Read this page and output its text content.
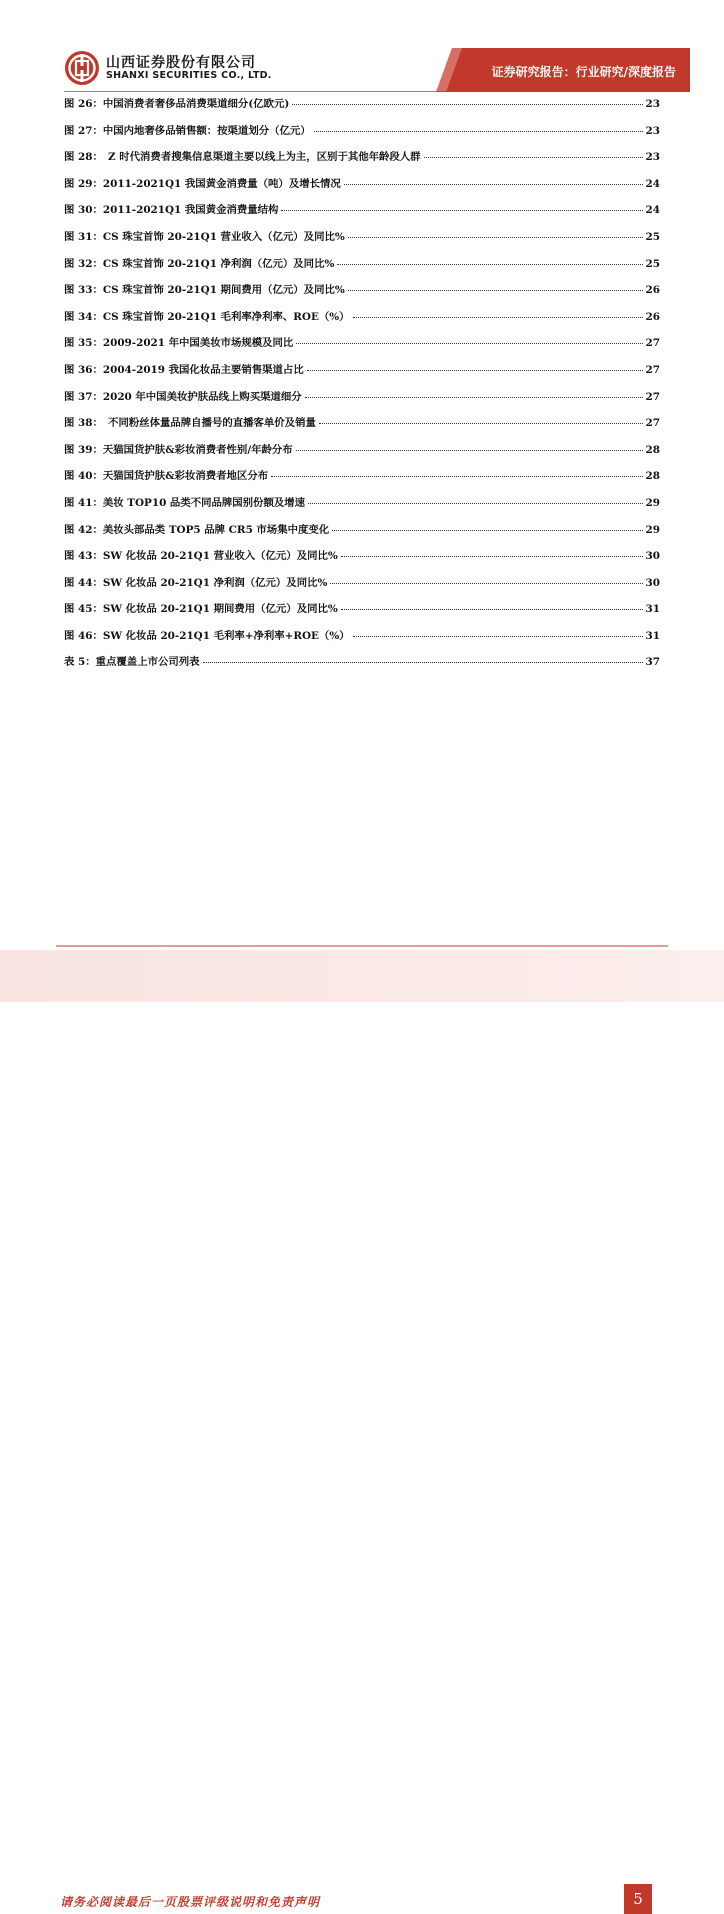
山西证券股份有限公司
SHANXI SECURITIES CO., LTD.	证券研究报告：行业研究/深度报告
图 26：中国消费者奢侈品消费渠道细分(亿欧元)	23
图 27：中国内地奢侈品销售额：按渠道划分（亿元）	23
图 28：　Z 时代消费者搜集信息渠道主要以线上为主，区别于其他年龄段人群	23
图 29：2011-2021Q1 我国黄金消费量（吨）及增长情况	24
图 30：2011-2021Q1 我国黄金消费量结构	24
图 31：CS 珠宝首饰 20-21Q1 营业收入（亿元）及同比%	25
图 32：CS 珠宝首饰 20-21Q1 净利润（亿元）及同比%	25
图 33：CS 珠宝首饰 20-21Q1 期间费用（亿元）及同比%	26
图 34：CS 珠宝首饰 20-21Q1 毛利率净利率、ROE（%）	26
图 35：2009-2021 年中国美妆市场规模及同比	27
图 36：2004-2019 我国化妆品主要销售渠道占比	27
图 37：2020 年中国美妆护肤品线上购买渠道细分	27
图 38：　不同粉丝体量品牌自播号的直播客单价及销量	27
图 39：天猫国货护肤&彩妆消费者性别/年龄分布	28
图 40：天猫国货护肤&彩妆消费者地区分布	28
图 41：美妆 TOP10 品类不同品牌国别份额及增速	29
图 42：美妆头部品类 TOP5 品牌 CR5 市场集中度变化	29
图 43：SW 化妆品 20-21Q1 营业收入（亿元）及同比%	30
图 44：SW 化妆品 20-21Q1 净利润（亿元）及同比%	30
图 45：SW 化妆品 20-21Q1 期间费用（亿元）及同比%	31
图 46：SW 化妆品 20-21Q1 毛利率+净利率+ROE（%）	31
表 5：重点覆盖上市公司列表	37
请务必阅读最后一页股票评级说明和免责声明	5
